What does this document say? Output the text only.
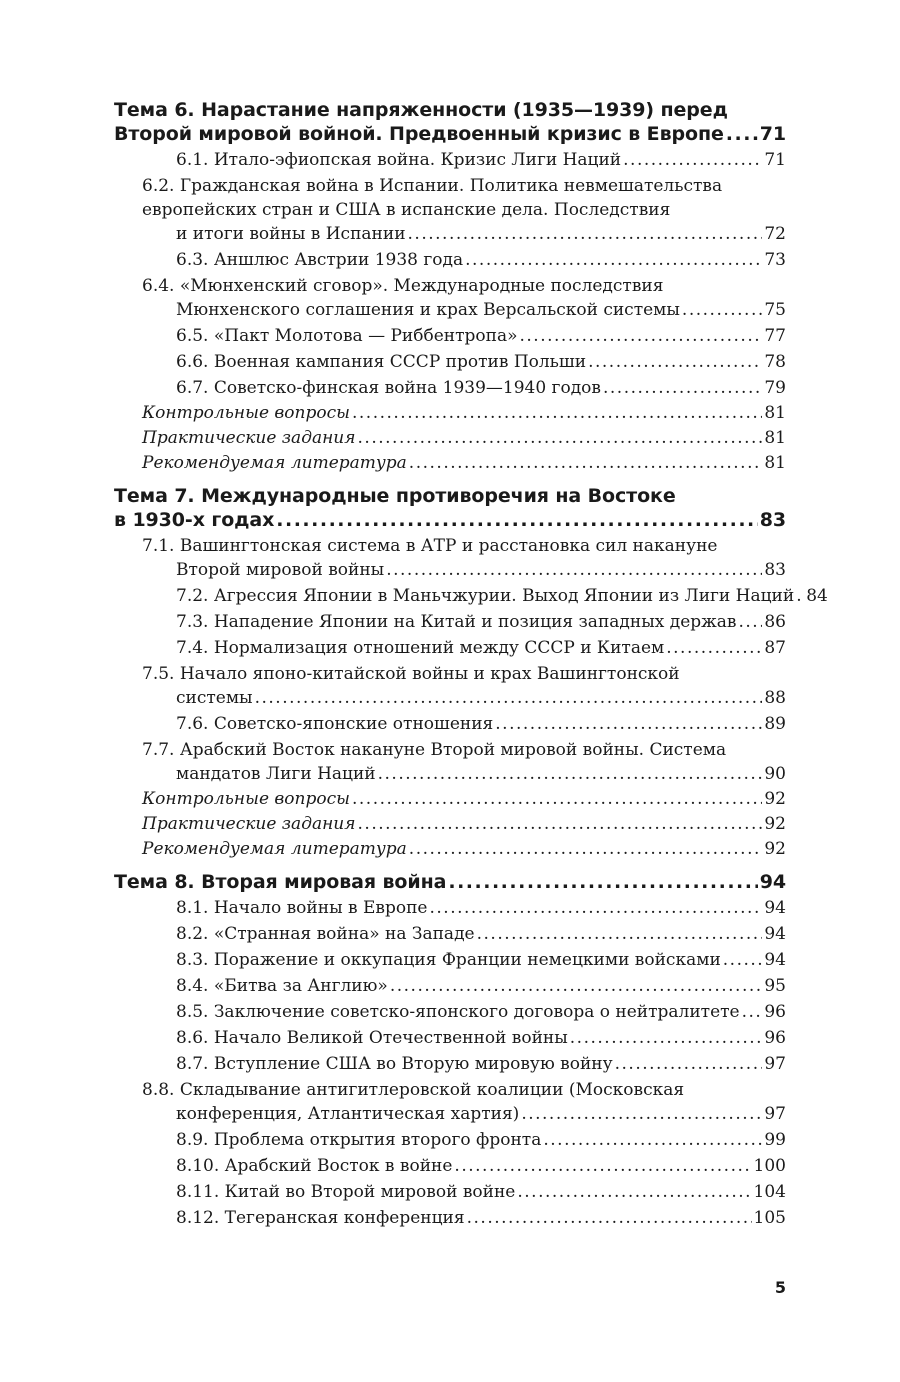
Тема 6. Нарастание напряженности (1935—1939) перед
Второй мировой войной. Предвоенный кризис в Европе ..... 71
6.1. Итало-эфиопская война. Кризис Лиги Наций .....	71
6.2. Гражданская война в Испании. Политика невмешательства
европейских стран и США в испанские дела. Последствия
и итоги войны в Испании .....	72
6.3. Аншлюс Австрии 1938 года .....	73
6.4. «Мюнхенский сговор». Международные последствия
Мюнхенского соглашения и крах Версальской системы .....	75
6.5. «Пакт Молотова — Риббентропа» .....	77
6.6. Военная кампания СССР против Польши .....	78
6.7. Советско-финская война 1939—1940 годов .....	79
Контрольные вопросы .....	81
Практические задания .....	81
Рекомендуемая литература .....	81
Тема 7. Международные противоречия на Востоке
в 1930-х годах .....	83
7.1. Вашингтонская система в АТР и расстановка сил накануне
Второй мировой войны .....	83
7.2. Агрессия Японии в Маньчжурии. Выход Японии из Лиги Наций ..... 84
7.3. Нападение Японии на Китай и позиция западных держав ..... 86
7.4. Нормализация отношений между СССР и Китаем .....	87
7.5. Начало японо-китайской войны и крах Вашингтонской
системы .....	88
7.6. Советско-японские отношения .....	89
7.7. Арабский Восток накануне Второй мировой войны. Система
мандатов Лиги Наций .....	90
Контрольные вопросы .....	92
Практические задания .....	92
Рекомендуемая литература .....	92
Тема 8. Вторая мировая война .....	94
8.1. Начало войны в Европе .....	94
8.2. «Странная война» на Западе .....	94
8.3. Поражение и оккупация Франции немецкими войсками .....	94
8.4. «Битва за Англию» .....	95
8.5. Заключение советско-японского договора о нейтралитете ..... 96
8.6. Начало Великой Отечественной войны .....	96
8.7. Вступление США во Вторую мировую войну .....	97
8.8. Складывание антигитлеровской коалиции (Московская
конференция, Атлантическая хартия) .....	97
8.9. Проблема открытия второго фронта .....	99
8.10. Арабский Восток в войне .....	100
8.11. Китай во Второй мировой войне .....	104
8.12. Тегеранская конференция .....	105
5
